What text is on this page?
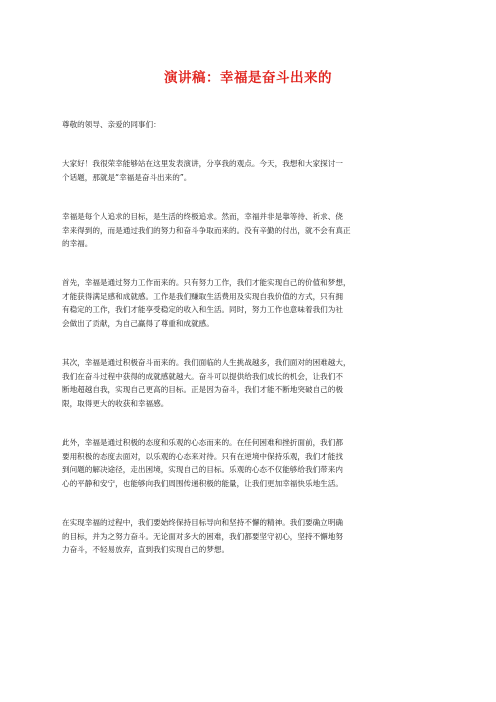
演讲稿：幸福是奋斗出来的

尊敬的领导、亲爱的同事们：

大家好！我很荣幸能够站在这里发表演讲，分享我的观点。今天，我想和大家探讨一
个话题，那就是“幸福是奋斗出来的”。

幸福是每个人追求的目标，是生活的终极追求。然而，幸福并非是靠等待、祈求、侥
幸来得到的，而是通过我们的努力和奋斗争取而来的。没有辛勤的付出，就不会有真正
的幸福。

首先，幸福是通过努力工作而来的。只有努力工作，我们才能实现自己的价值和梦想，
才能获得满足感和成就感。工作是我们赚取生活费用及实现自我价值的方式，只有拥
有稳定的工作，我们才能享受稳定的收入和生活。同时，努力工作也意味着我们为社
会做出了贡献，为自己赢得了尊重和成就感。

其次，幸福是通过积极奋斗而来的。我们面临的人生挑战越多，我们面对的困难越大，
我们在奋斗过程中获得的成就感就越大。奋斗可以提供给我们成长的机会，让我们不
断地超越自我，实现自己更高的目标。正是因为奋斗，我们才能不断地突破自己的极
限，取得更大的收获和幸福感。

此外，幸福是通过积极的态度和乐观的心态而来的。在任何困难和挫折面前，我们都
要用积极的态度去面对，以乐观的心态来对待。只有在逆境中保持乐观，我们才能找
到问题的解决途径，走出困境，实现自己的目标。乐观的心态不仅能够给我们带来内
心的平静和安宁，也能够向我们周围传递积极的能量，让我们更加幸福快乐地生活。

在实现幸福的过程中，我们要始终保持目标导向和坚持不懈的精神。我们要确立明确
的目标，并为之努力奋斗。无论面对多大的困难，我们都要坚守初心，坚持不懈地努
力奋斗，不轻易放弃，直到我们实现自己的梦想。
